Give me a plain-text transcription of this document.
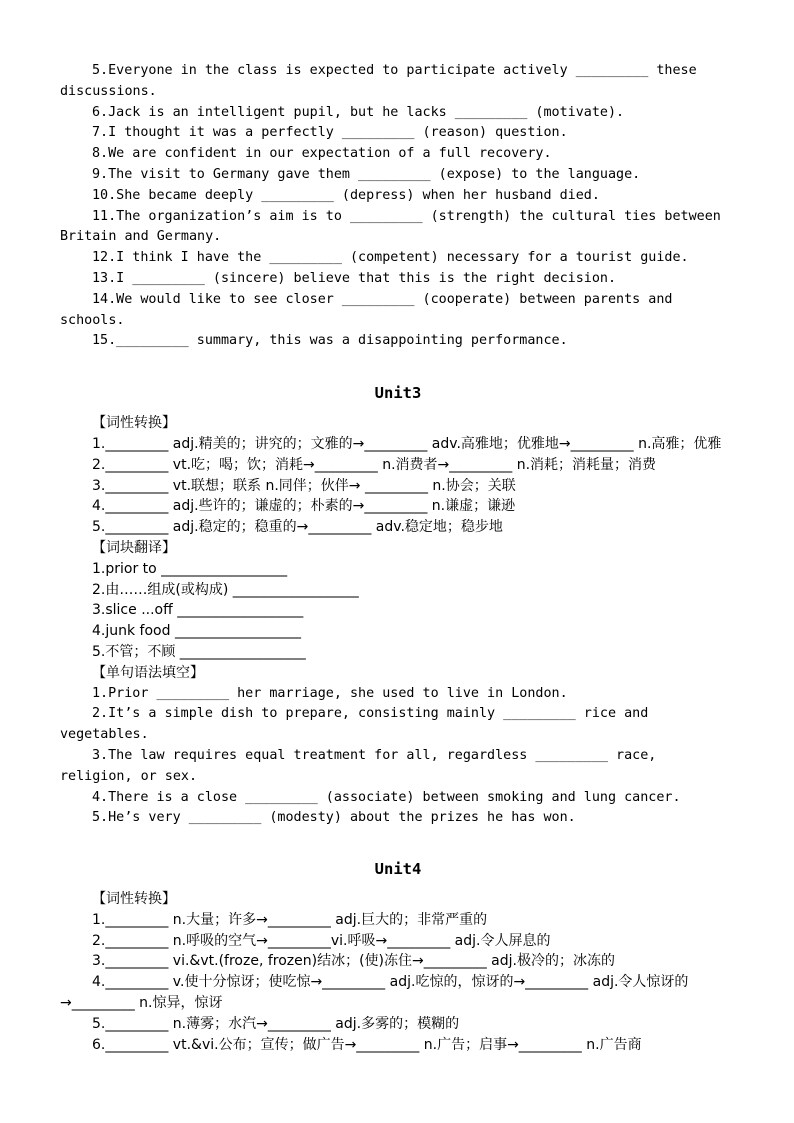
5.Everyone in the class is expected to participate actively _________ these discussions.

6.Jack is an intelligent pupil, but he lacks _________ (motivate).

7.I thought it was a perfectly _________ (reason) question.

8.We are confident in our expectation of a full recovery.

9.The visit to Germany gave them _________ (expose) to the language.

10.She became deeply _________ (depress) when her husband died.

11.The organization’s aim is to _________ (strength) the cultural ties between Britain and Germany.

12.I think I have the _________ (competent) necessary for a tourist guide.

13.I _________ (sincere) believe that this is the right decision.

14.We would like to see closer _________ (cooperate) between parents and schools.

15._________ summary, this was a disappointing performance.

Unit3

【词性转换】

1._________ adj.精美的；讲究的；文雅的→_________ adv.高雅地；优雅地→_________ n.高雅；优雅

2._________ vt.吃；喝；饮；消耗→_________ n.消费者→_________ n.消耗；消耗量；消费

3._________ vt.联想；联系 n.同伴；伙伴→ _________ n.协会；关联

4._________ adj.些许的；谦虚的；朴素的→_________ n.谦虚；谦逊

5._________ adj.稳定的；稳重的→_________ adv.稳定地；稳步地

【词块翻译】

1.prior to __________________

2.由……组成(或构成) __________________

3.slice ...off __________________

4.junk food __________________

5.不管；不顾 __________________

【单句语法填空】

1.Prior _________ her marriage, she used to live in London.

2.It’s a simple dish to prepare, consisting mainly _________ rice and vegetables.

3.The law requires equal treatment for all, regardless _________ race, religion, or sex.

4.There is a close _________ (associate) between smoking and lung cancer.

5.He’s very _________ (modesty) about the prizes he has won.

Unit4

【词性转换】

1._________ n.大量；许多→_________ adj.巨大的；非常严重的

2._________ n.呼吸的空气→_________vi.呼吸→_________ adj.令人屏息的

3._________ vi.&vt.(froze, frozen)结冰；(使)冻住→_________ adj.极冷的；冰冻的

4._________ v.使十分惊讶；使吃惊→_________ adj.吃惊的，惊讶的→_________ adj.令人惊讶的→_________ n.惊异，惊讶

5._________ n.薄雾；水汽→_________ adj.多雾的；模糊的

6._________ vt.&vi.公布；宣传；做广告→_________ n.广告；启事→_________ n.广告商
